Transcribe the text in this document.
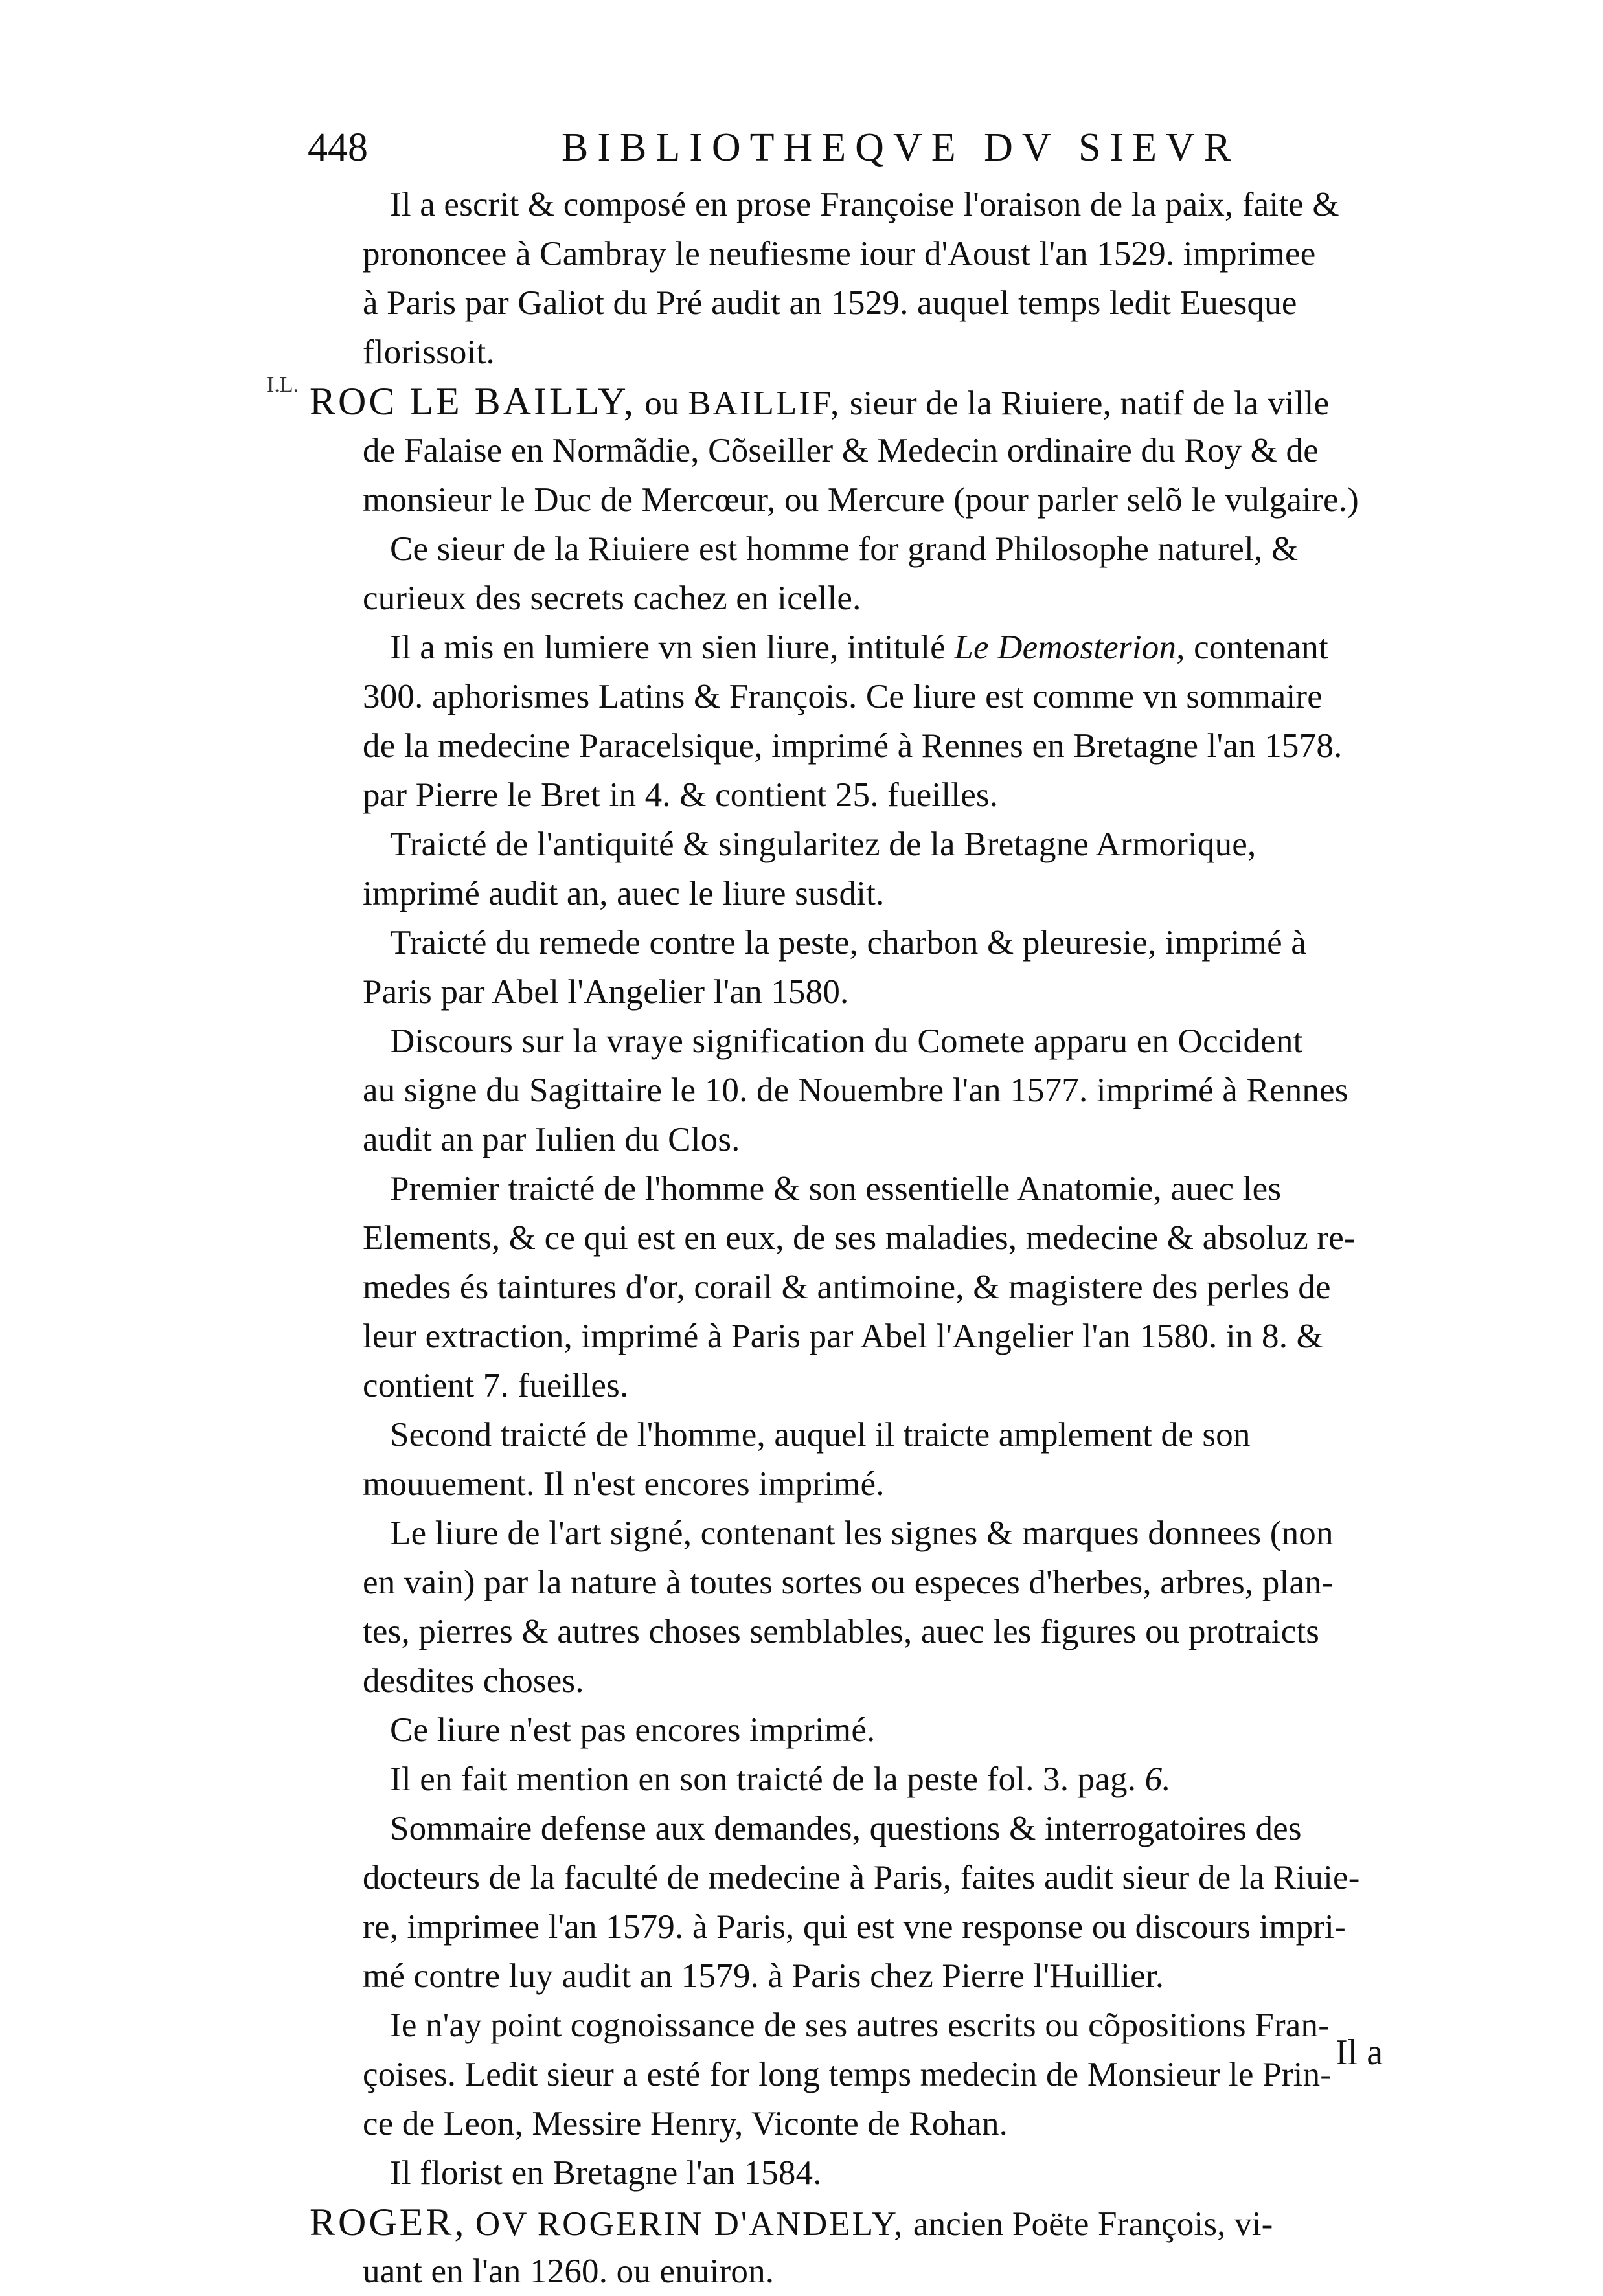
448	BIBLIOTHEQVE DV SIEVR
I.L.
Il a escrit & composé en prose Françoise l'oraison de la paix, faite &
prononcee à Cambray le neufiesme iour d'Aoust l'an 1529. imprimee
à Paris par Galiot du Pré audit an 1529. auquel temps ledit Euesque
florissoit.
ROC LE BAILLY, ou BAILLIF, sieur de la Riuiere, natif de la ville
de Falaise en Normãdie, Cõseiller & Medecin ordinaire du Roy & de
monsieur le Duc de Mercœur, ou Mercure (pour parler selõ le vulgaire.)
Ce sieur de la Riuiere est homme for grand Philosophe naturel, &
curieux des secrets cachez en icelle.
Il a mis en lumiere vn sien liure, intitulé Le Demosterion, contenant
300. aphorismes Latins & François. Ce liure est comme vn sommaire
de la medecine Paracelsique, imprimé à Rennes en Bretagne l'an 1578.
par Pierre le Bret in 4. & contient 25. fueilles.
Traicté de l'antiquité & singularitez de la Bretagne Armorique,
imprimé audit an, auec le liure susdit.
Traicté du remede contre la peste, charbon & pleuresie, imprimé à
Paris par Abel l'Angelier l'an 1580.
Discours sur la vraye signification du Comete apparu en Occident
au signe du Sagittaire le 10. de Nouembre l'an 1577. imprimé à Rennes
audit an par Iulien du Clos.
Premier traicté de l'homme & son essentielle Anatomie, auec les
Elements, & ce qui est en eux, de ses maladies, medecine & absoluz re-
medes és taintures d'or, corail & antimoine, & magistere des perles de
leur extraction, imprimé à Paris par Abel l'Angelier l'an 1580. in 8. &
contient 7. fueilles.
Second traicté de l'homme, auquel il traicte amplement de son
mouuement. Il n'est encores imprimé.
Le liure de l'art signé, contenant les signes & marques donnees (non
en vain) par la nature à toutes sortes ou especes d'herbes, arbres, plan-
tes, pierres & autres choses semblables, auec les figures ou protraicts
desdites choses.
Ce liure n'est pas encores imprimé.
Il en fait mention en son traicté de la peste fol. 3. pag. 6.
Sommaire defense aux demandes, questions & interrogatoires des
docteurs de la faculté de medecine à Paris, faites audit sieur de la Riuie-
re, imprimee l'an 1579. à Paris, qui est vne response ou discours impri-
mé contre luy audit an 1579. à Paris chez Pierre l'Huillier.
Ie n'ay point cognoissance de ses autres escrits ou cõpositions Fran-
çoises. Ledit sieur a esté for long temps medecin de Monsieur le Prin-
ce de Leon, Messire Henry, Viconte de Rohan.
Il florist en Bretagne l'an 1584.
ROGER, OV ROGERIN D'ANDELY, ancien Poëte François, vi-
uant en l'an 1260. ou enuiron.
Il a
